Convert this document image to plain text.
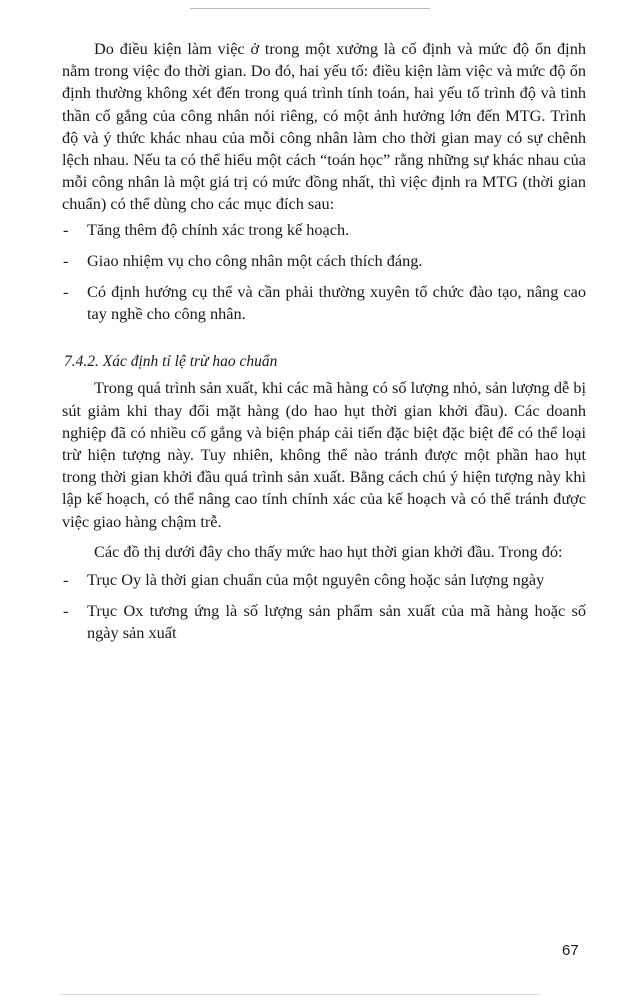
Do điều kiện làm việc ở trong một xưởng là cố định và mức độ ổn định nằm trong việc đo thời gian. Do đó, hai yếu tố: điều kiện làm việc và mức độ ổn định thường không xét đến trong quá trình tính toán, hai yếu tố trình độ và tinh thần cố gắng của công nhân nói riêng, có một ảnh hưởng lớn đến MTG. Trình độ và ý thức khác nhau của mỗi công nhân làm cho thời gian may có sự chênh lệch nhau. Nếu ta có thể hiểu một cách “toán học” rằng những sự khác nhau của mỗi công nhân là một giá trị có mức đồng nhất, thì việc định ra MTG (thời gian chuẩn) có thể dùng cho các mục đích sau:

- Tăng thêm độ chính xác trong kế hoạch.
- Giao nhiệm vụ cho công nhân một cách thích đáng.
- Có định hướng cụ thể và cần phải thường xuyên tổ chức đào tạo, nâng cao tay nghề cho công nhân.
7.4.2. Xác định tỉ lệ trừ hao chuẩn

Trong quá trình sản xuất, khi các mã hàng có số lượng nhỏ, sản lượng dễ bị sút giảm khi thay đổi mặt hàng (do hao hụt thời gian khởi đầu). Các doanh nghiệp đã có nhiều cố gắng và biện pháp cải tiến đặc biệt đặc biệt để có thể loại trừ hiện tượng này. Tuy nhiên, không thể nào tránh được một phần hao hụt trong thời gian khởi đầu quá trình sản xuất. Bằng cách chú ý hiện tượng này khi lập kế hoạch, có thể nâng cao tính chính xác của kế hoạch và có thể tránh được việc giao hàng chậm trễ.

Các đồ thị dưới đây cho thấy mức hao hụt thời gian khởi đầu. Trong đó:

- Trục Oy là thời gian chuẩn của một nguyên công hoặc sản lượng ngày
- Trục Ox tương ứng là số lượng sản phẩm sản xuất của mã hàng hoặc số ngày sản xuất
67
